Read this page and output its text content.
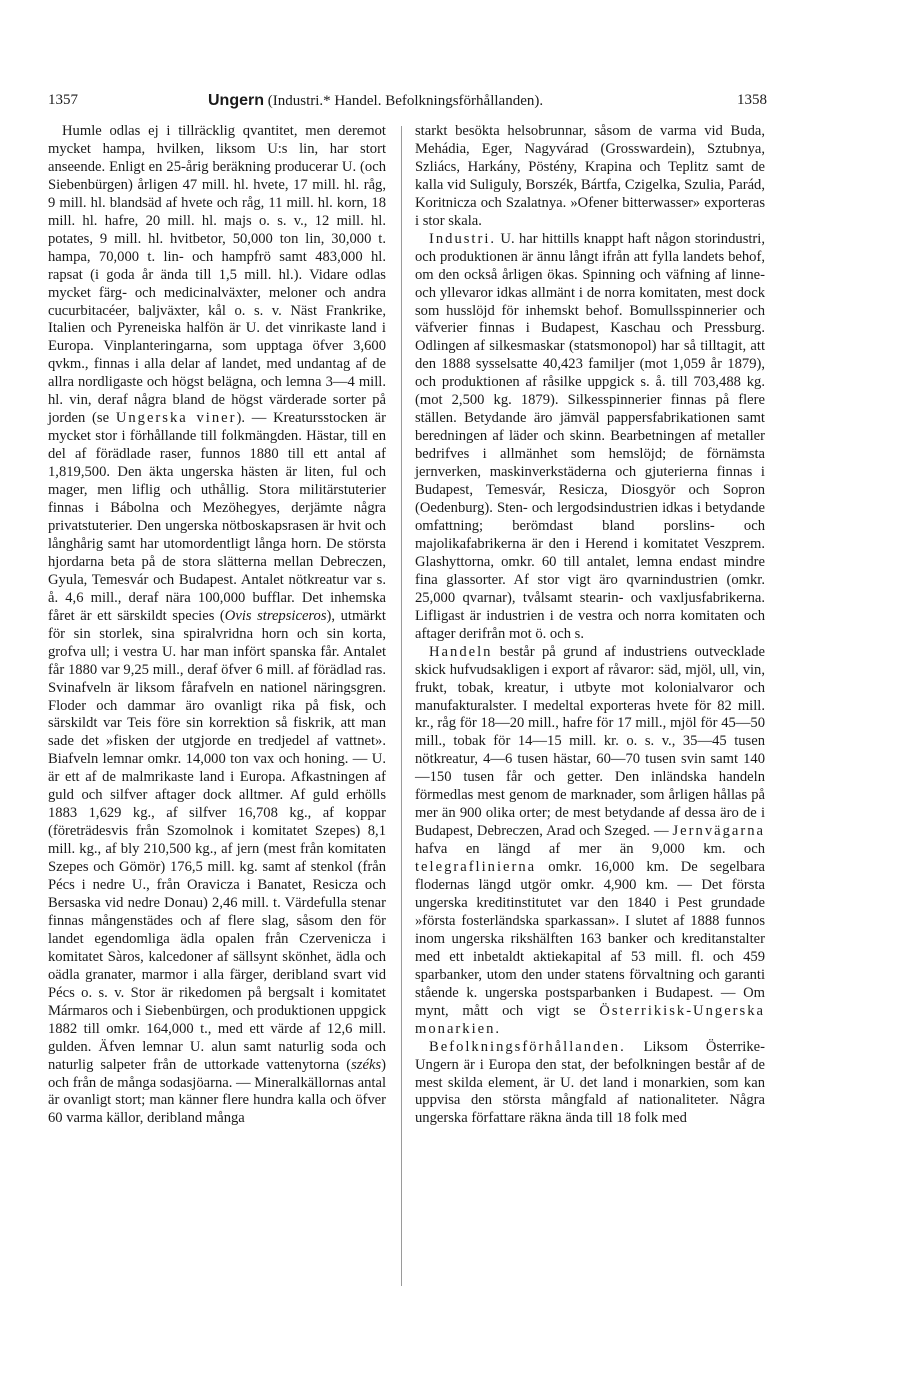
1357	Ungern (Industri.* Handel. Befolkningsförhållanden).	1358

Humle odlas ej i tillräcklig qvantitet, men deremot mycket hampa, hvilken, liksom U:s lin, har stort anseende. Enligt en 25-årig beräkning producerar U. (och Siebenbürgen) årligen 47 mill. hl. hvete, 17 mill. hl. råg, 9 mill. hl. blandsäd af hvete och råg, 11 mill. hl. korn, 18 mill. hl. hafre, 20 mill. hl. majs o. s. v., 12 mill. hl. potates, 9 mill. hl. hvitbetor, 50,000 ton lin, 30,000 t. hampa, 70,000 t. lin- och hampfrö samt 483,000 hl. rapsat (i goda år ända till 1,5 mill. hl.). Vidare odlas mycket färg- och medicinalväxter, meloner och andra cucurbitacéer, baljväxter, kål o. s. v. Näst Frankrike, Italien och Pyreneiska halfön är U. det vinrikaste land i Europa. Vinplanteringarna, som upptaga öfver 3,600 qvkm., finnas i alla delar af landet, med undantag af de allra nordligaste och högst belägna, och lemna 3—4 mill. hl. vin, deraf några bland de högst värderade sorter på jorden (se Ungerska viner). — Kreatursstocken är mycket stor i förhållande till folkmängden. Hästar, till en del af förädlade raser, funnos 1880 till ett antal af 1,819,500. Den äkta ungerska hästen är liten, ful och mager, men liflig och uthållig. Stora militärstuterier finnas i Bábolna och Mezöhegyes, derjämte några privatstuterier. Den ungerska nötboskapsrasen är hvit och långhårig samt har utomordentligt långa horn. De största hjordarna beta på de stora slätterna mellan Debreczen, Gyula, Temesvár och Budapest. Antalet nötkreatur var s. å. 4,6 mill., deraf nära 100,000 bufflar. Det inhemska fåret är ett särskildt species (Ovis strepsiceros), utmärkt för sin storlek, sina spiralvridna horn och sin korta, grofva ull; i vestra U. har man infört spanska får. Antalet får 1880 var 9,25 mill., deraf öfver 6 mill. af förädlad ras. Svinafveln är liksom fårafveln en nationel näringsgren. Floder och dammar äro ovanligt rika på fisk, och särskildt var Teis före sin korrektion så fiskrik, att man sade det »fisken der utgjorde en tredjedel af vattnet». Biafveln lemnar omkr. 14,000 ton vax och honing. — U. är ett af de malmrikaste land i Europa. Afkastningen af guld och silfver aftager dock alltmer. Af guld erhölls 1883 1,629 kg., af silfver 16,708 kg., af koppar (företrädesvis från Szomolnok i komitatet Szepes) 8,1 mill. kg., af bly 210,500 kg., af jern (mest från komitaten Szepes och Gömör) 176,5 mill. kg. samt af stenkol (från Pécs i nedre U., från Oravicza i Banatet, Resicza och Bersaska vid nedre Donau) 2,46 mill. t. Värdefulla stenar finnas mångenstädes och af flere slag, såsom den för landet egendomliga ädla opalen från Czervenicza i komitatet Sàros, kalcedoner af sällsynt skönhet, ädla och oädla granater, marmor i alla färger, deribland svart vid Pécs o. s. v. Stor är rikedomen på bergsalt i komitatet Mármaros och i Siebenbürgen, och produktionen uppgick 1882 till omkr. 164,000 t., med ett värde af 12,6 mill. gulden. Äfven lemnar U. alun samt naturlig soda och naturlig salpeter från de uttorkade vattenytorna (széks) och från de många sodasjöarna. — Mineralkällornas antal är ovanligt stort; man känner flere hundra kalla och öfver 60 varma källor, deribland många

starkt besökta helsobrunnar, såsom de varma vid Buda, Mehádia, Eger, Nagyvárad (Grosswardein), Sztubnya, Szliács, Harkány, Pöstény, Krapina och Teplitz samt de kalla vid Suliguly, Borszék, Bártfa, Czigelka, Szulia, Parád, Koritnicza och Szalatnya. »Ofener bitterwasser» exporteras i stor skala.

Industri. U. har hittills knappt haft någon storindustri, och produktionen är ännu långt ifrån att fylla landets behof, om den också årligen ökas. Spinning och väfning af linne- och yllevaror idkas allmänt i de norra komitaten, mest dock som husslöjd för inhemskt behof. Bomullsspinnerier och väfverier finnas i Budapest, Kaschau och Pressburg. Odlingen af silkesmaskar (statsmonopol) har så tilltagit, att den 1888 sysselsatte 40,423 familjer (mot 1,059 år 1879), och produktionen af råsilke uppgick s. å. till 703,488 kg. (mot 2,500 kg. 1879). Silkesspinnerier finnas på flere ställen. Betydande äro jämväl pappersfabrikationen samt beredningen af läder och skinn. Bearbetningen af metaller bedrifves i allmänhet som hemslöjd; de förnämsta jernverken, maskinverkstäderna och gjuterierna finnas i Budapest, Temesvár, Resicza, Diosgyör och Sopron (Oedenburg). Sten- och lergodsindustrien idkas i betydande omfattning; berömdast bland porslins- och majolikafabrikerna är den i Herend i komitatet Veszprem. Glashyttorna, omkr. 60 till antalet, lemna endast mindre fina glassorter. Af stor vigt äro qvarnindustrien (omkr. 25,000 qvarnar), tvålsamt stearin- och vaxljusfabrikerna. Lifligast är industrien i de vestra och norra komitaten och aftager derifrån mot ö. och s.

Handeln består på grund af industriens outvecklade skick hufvudsakligen i export af råvaror: säd, mjöl, ull, vin, frukt, tobak, kreatur, i utbyte mot kolonialvaror och manufakturalster. I medeltal exporteras hvete för 82 mill. kr., råg för 18—20 mill., hafre för 17 mill., mjöl för 45—50 mill., tobak för 14—15 mill. kr. o. s. v., 35—45 tusen nötkreatur, 4—6 tusen hästar, 60—70 tusen svin samt 140—150 tusen får och getter. Den inländska handeln förmedlas mest genom de marknader, som årligen hållas på mer än 900 olika orter; de mest betydande af dessa äro de i Budapest, Debreczen, Arad och Szeged. — Jernvägarna hafva en längd af mer än 9,000 km. och telegraflinierna omkr. 16,000 km. De segelbara flodernas längd utgör omkr. 4,900 km. — Det första ungerska kreditinstitutet var den 1840 i Pest grundade »första fosterländska sparkassan». I slutet af 1888 funnos inom ungerska rikshälften 163 banker och kreditanstalter med ett inbetaldt aktiekapital af 53 mill. fl. och 459 sparbanker, utom den under statens förvaltning och garanti stående k. ungerska postsparbanken i Budapest. — Om mynt, mått och vigt se Österrikisk-Ungerska monarkien.

Befolkningsförhållanden. Liksom Österrike-Ungern är i Europa den stat, der befolkningen består af de mest skilda element, är U. det land i monarkien, som kan uppvisa den största mångfald af nationaliteter. Några ungerska författare räkna ända till 18 folk med
